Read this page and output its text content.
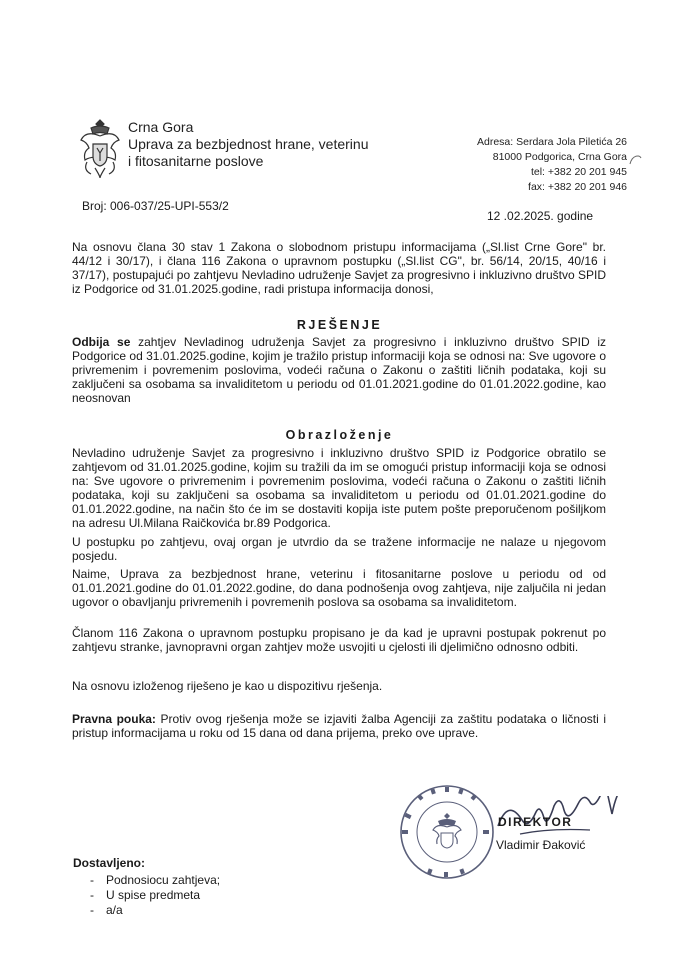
Crna Gora
Uprava za bezbjednost hrane, veterinu
i fitosanitarne poslove
Adresa: Serdara Jola Piletića 26
81000 Podgorica, Crna Gora
tel: +382 20 201 945
fax: +382 20 201 946
Broj: 006-037/25-UPI-553/2
12 .02.2025. godine

Na osnovu člana 30 stav 1 Zakona o slobodnom pristupu informacijama („Sl.list Crne Gore" br. 44/12 i 30/17), i člana 116 Zakona o upravnom postupku („Sl.list CG", br. 56/14, 20/15, 40/16 i 37/17), postupajući po zahtjevu Nevladino udruženje Savjet za progresivno i inkluzivno društvo SPID iz Podgorice od 31.01.2025.godine, radi pristupa informacija donosi,

RJEŠENJE

Odbija se zahtjev Nevladinog udruženja Savjet za progresivno i inkluzivno društvo SPID iz Podgorice od 31.01.2025.godine, kojim je tražilo pristup informaciji koja se odnosi na: Sve ugovore o privremenim i povremenim poslovima, vodeći računa o Zakonu o zaštiti ličnih podataka, koji su zaključeni sa osobama sa invaliditetom u periodu od 01.01.2021.godine do 01.01.2022.godine, kao neosnovan

Obrazloženje

Nevladino udruženje Savjet za progresivno i inkluzivno društvo SPID iz Podgorice obratilo se zahtjevom od 31.01.2025.godine, kojim su tražili da im se omogući pristup informaciji koja se odnosi na: Sve ugovore o privremenim i povremenim poslovima, vodeći računa o Zakonu o zaštiti ličnih podataka, koji su zaključeni sa osobama sa invaliditetom u periodu od 01.01.2021.godine do 01.01.2022.godine, na način što će im se dostaviti kopija iste putem pošte preporučenom pošiljkom na adresu Ul.Milana Raičkovića br.89 Podgorica.

U postupku po zahtjevu, ovaj organ je utvrdio da se tražene informacije ne nalaze u njegovom posjedu.

Naime, Uprava za bezbjednost hrane, veterinu i fitosanitarne poslove u periodu od od 01.01.2021.godine do 01.01.2022.godine, do dana podnošenja ovog zahtjeva, nije zaljučila ni jedan ugovor o obavljanju privremenih i povremenih poslova sa osobama sa invaliditetom.

Članom 116 Zakona o upravnom postupku propisano je da kad je upravni postupak pokrenut po zahtjevu stranke, javnopravni organ zahtjev može usvojiti u cjelosti ili djelimično odnosno odbiti.

Na osnovu izloženog riješeno je kao u dispozitivu rješenja.

Pravna pouka: Protiv ovog rješenja može se izjaviti žalba Agenciji za zaštitu podataka o ličnosti i pristup informacijama u roku od 15 dana od dana prijema, preko ove uprave.

DIREKTOR
Vladimir Đaković
Dostavljeno:
- Podnosiocu zahtjeva;
- U spise predmeta
- a/a
